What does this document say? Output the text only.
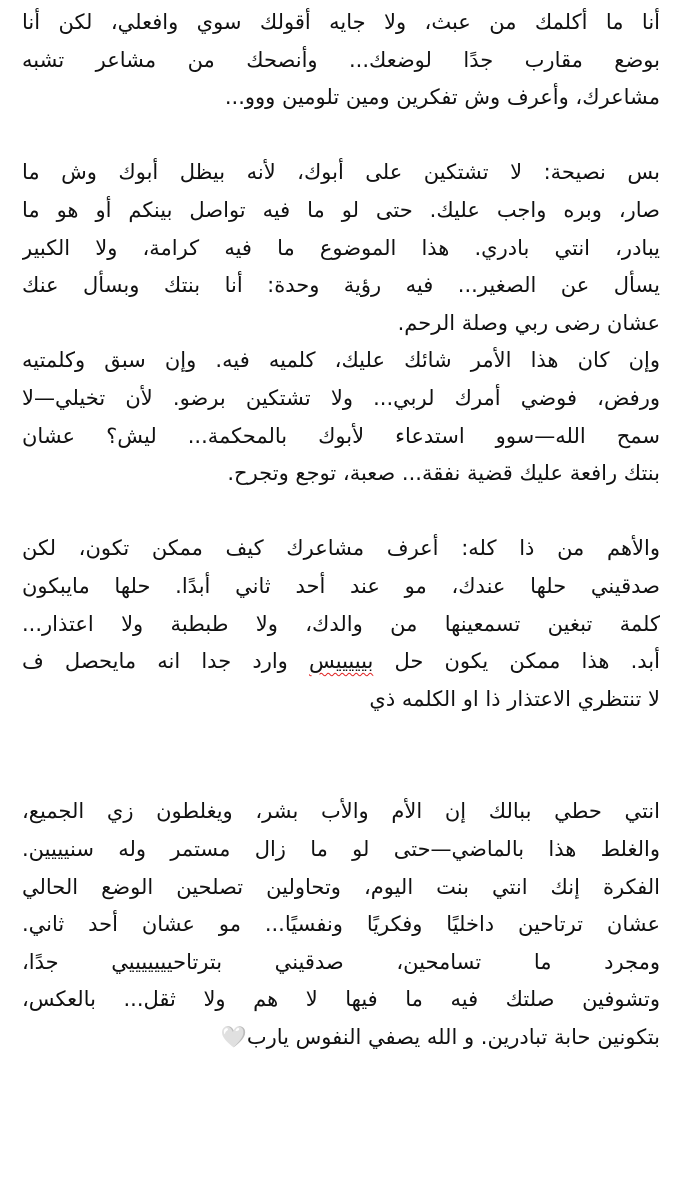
أنا ما أكلمك من عبث، ولا جايه أقولك سوي وافعلي، لكن أنا
بوضع مقارب جدًا لوضعك... وأنصحك من مشاعر تشبه
مشاعرك، وأعرف وش تفكرين ومين تلومين ووو...
بس نصيحة: لا تشتكين على أبوك، لأنه بيظل أبوك وش ما
صار، وبره واجب عليك. حتى لو ما فيه تواصل بينكم أو هو ما
يبادر، انتي بادري. هذا الموضوع ما فيه كرامة، ولا الكبير
يسأل عن الصغير... فيه رؤية وحدة: أنا بنتك وبسأل عنك
عشان رضى ربي وصلة الرحم.
وإن كان هذا الأمر شائك عليك، كلميه فيه. وإن سبق وكلمتيه
ورفض، فوضي أمرك لربي... ولا تشتكين برضو. لأن تخيلي—لا
سمح الله—سوو استدعاء لأبوك بالمحكمة... ليش؟ عشان
بنتك رافعة عليك قضية نفقة... صعبة، توجع وتجرح.
والأهم من ذا كله: أعرف مشاعرك كيف ممكن تكون، لكن
صدقيني حلها عندك، مو عند أحد ثاني أبدًا. حلها مايبكون
كلمة تبغين تسمعينها من والدك، ولا طبطبة ولا اعتذار...
أبد. هذا ممكن يكون حل بيييييس وارد جدا انه مايحصل ف
لا تنتظري الاعتذار ذا او الكلمه ذي
انتي حطي ببالك إن الأم والأب بشر، ويغلطون زي الجميع،
والغلط هذا بالماضي—حتى لو ما زال مستمر وله سنيييين.
الفكرة إنك انتي بنت اليوم، وتحاولين تصلحين الوضع الحالي
عشان ترتاحين داخليًا وفكريًا ونفسيًا... مو عشان أحد ثاني.
ومجرد ما تسامحين، صدقيني بترتاحيييييييي جدًا،
وتشوفين صلتك فيه ما فيها لا هم ولا ثقل... بالعكس،
بتكونين حابة تبادرين. و الله يصفي النفوس يارب🤍
